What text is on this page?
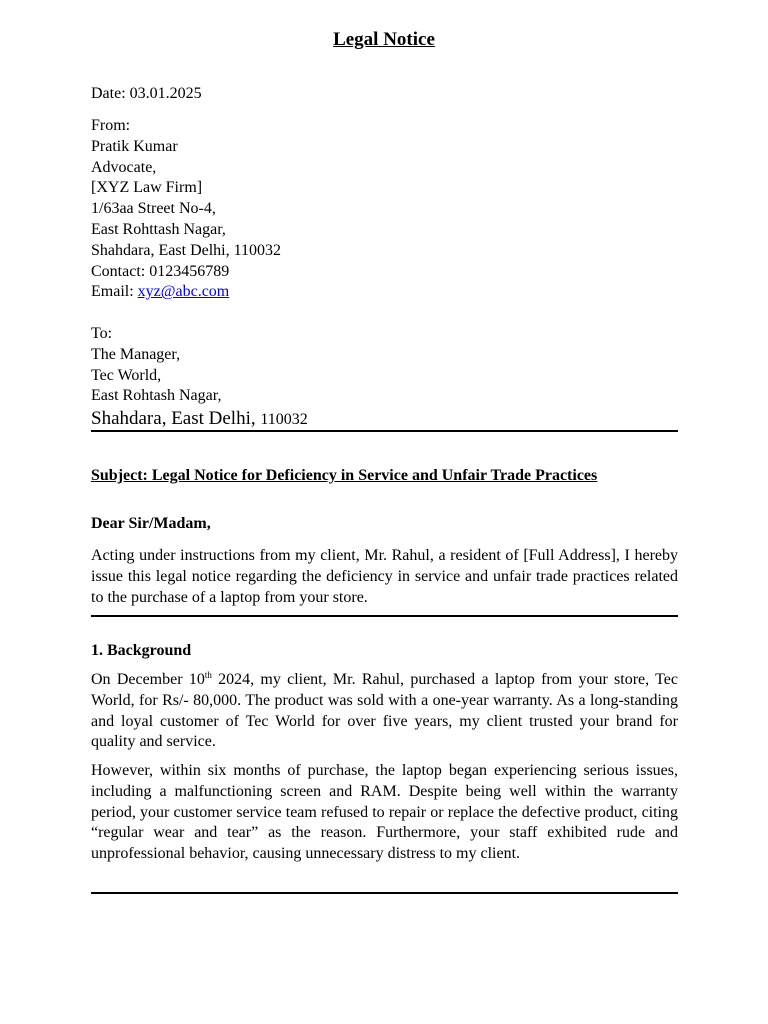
Legal Notice
Date: 03.01.2025
From:
Pratik Kumar
Advocate,
[XYZ Law Firm]
1/63aa Street No-4,
East Rohttash Nagar,
Shahdara, East Delhi, 110032
Contact: 0123456789
Email: xyz@abc.com
To:
The Manager,
Tec World,
East Rohtash Nagar,
Shahdara, East Delhi, 110032
Subject: Legal Notice for Deficiency in Service and Unfair Trade Practices
Dear Sir/Madam,

Acting under instructions from my client, Mr. Rahul, a resident of [Full Address], I hereby issue this legal notice regarding the deficiency in service and unfair trade practices related to the purchase of a laptop from your store.

1. Background

On December 10th 2024, my client, Mr. Rahul, purchased a laptop from your store, Tec World, for Rs/- 80,000. The product was sold with a one-year warranty. As a long-standing and loyal customer of Tec World for over five years, my client trusted your brand for quality and service.

However, within six months of purchase, the laptop began experiencing serious issues, including a malfunctioning screen and RAM. Despite being well within the warranty period, your customer service team refused to repair or replace the defective product, citing “regular wear and tear” as the reason. Furthermore, your staff exhibited rude and unprofessional behavior, causing unnecessary distress to my client.
